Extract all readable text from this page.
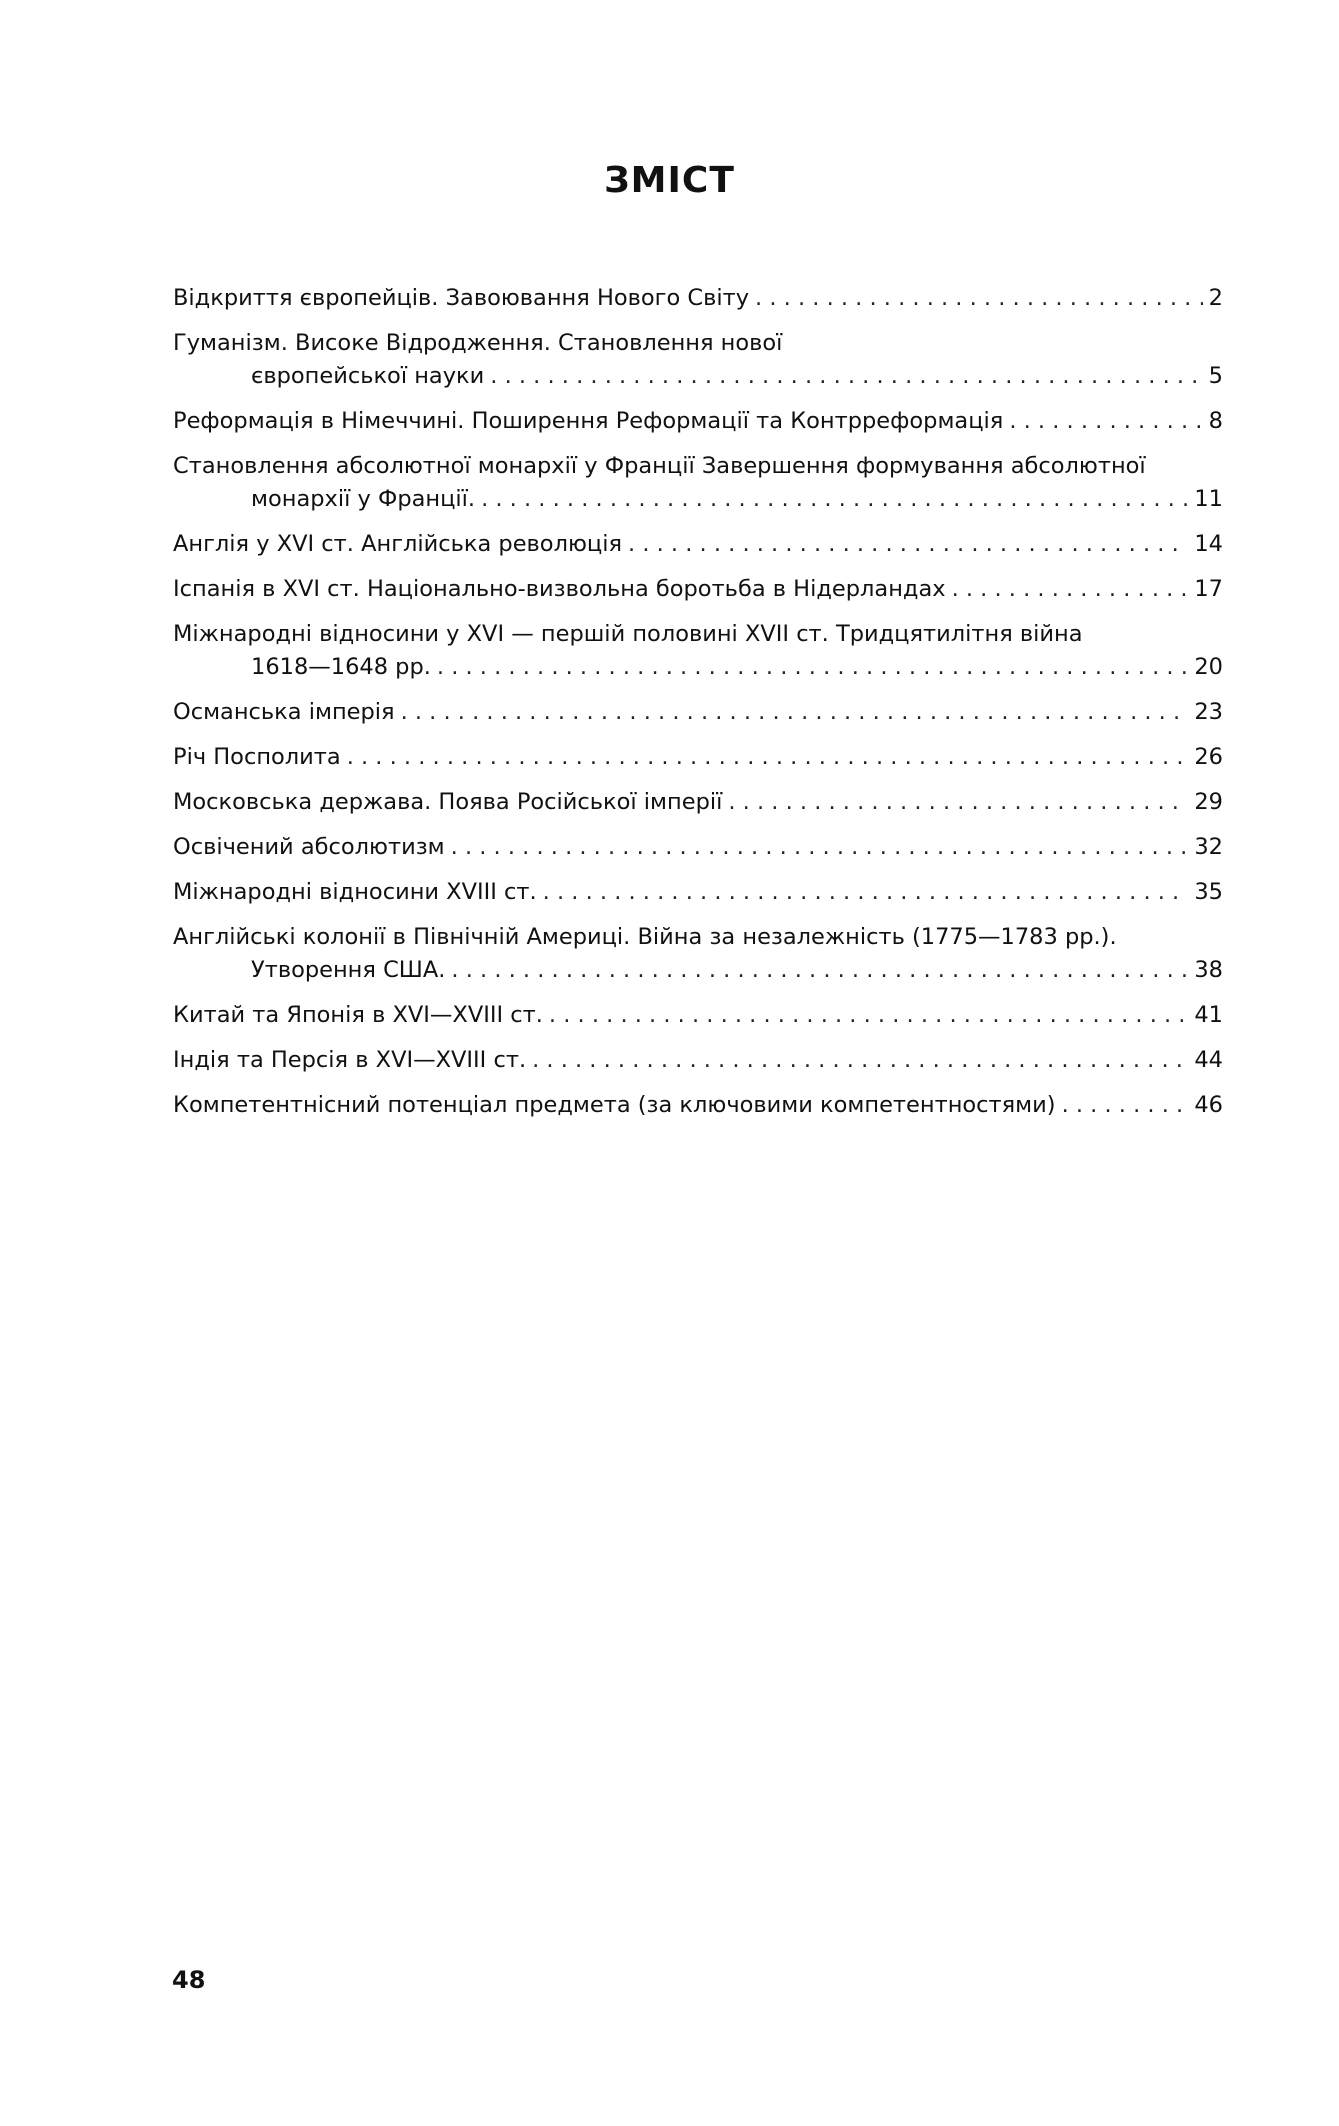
ЗМІСТ
Відкриття європейців. Завоювання Нового Світу . . .	2
Гуманізм. Високе Відродження. Становлення нової
європейської науки . . .	5
Реформація в Німеччині. Поширення Реформації та Контрреформація . . .	8
Становлення абсолютної монархії у Франції Завершення формування абсолютної
монархії у Франції. . . .	11
Англія у XVI ст. Англійська революція . . .	14
Іспанія в XVI ст. Національно-визвольна боротьба в Нідерландах . . .	17
Міжнародні відносини у XVI — першій половині XVII ст. Тридцятилітня війна
1618—1648 рр. . . .	20
Османська імперія . . .	23
Річ Посполита . . .	26
Московська держава. Поява Російської імперії . . .	29
Освічений абсолютизм . . .	32
Міжнародні відносини XVIII ст. . . .	35
Англійські колонії в Північній Америці. Війна за незалежність (1775—1783 рр.).
Утворення США. . . .	38
Китай та Японія в XVI—XVIII ст. . . .	41
Індія та Персія в XVI—XVIII ст. . . .	44
Компетентнісний потенціал предмета (за ключовими компетентностями) . . .	46

48
